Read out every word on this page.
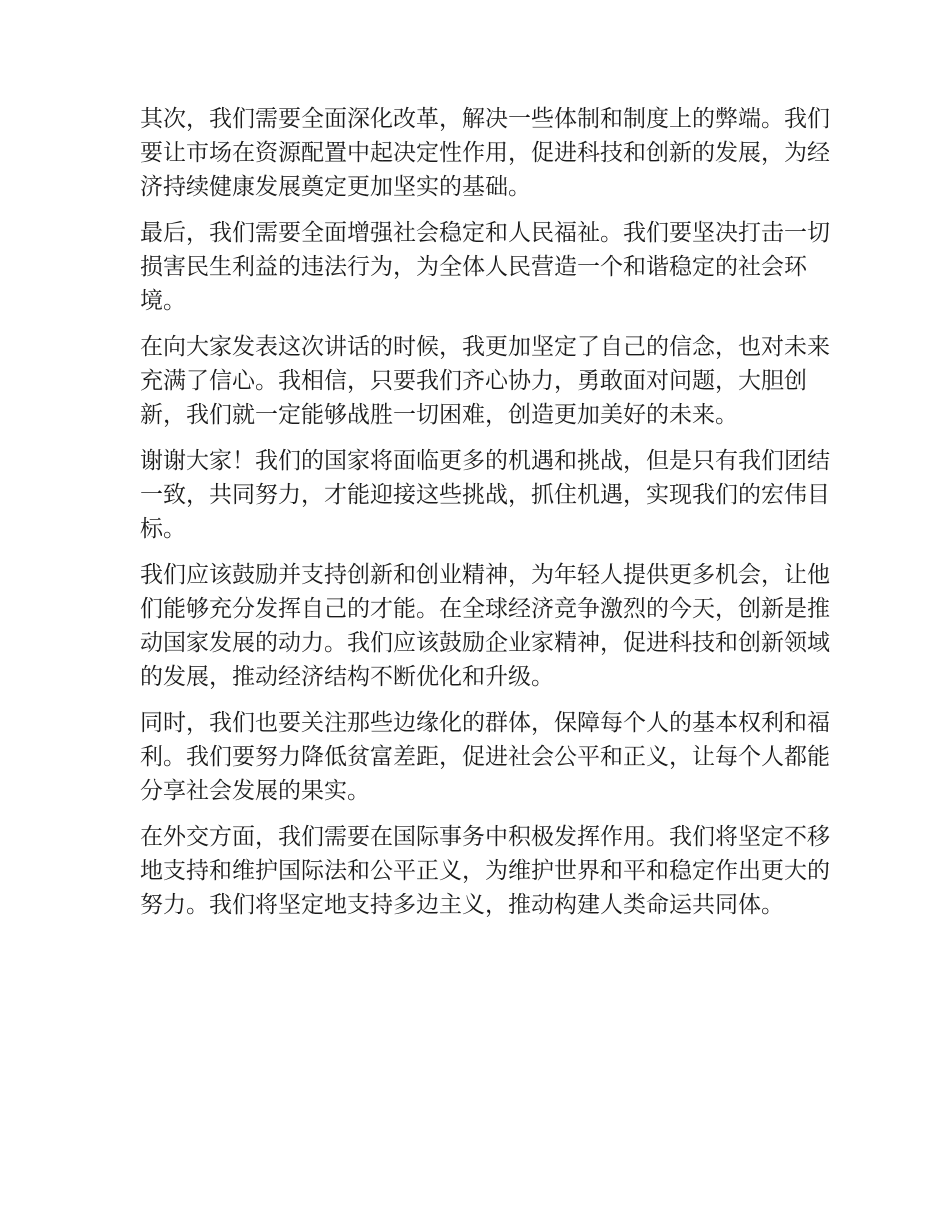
其次，我们需要全面深化改革，解决一些体制和制度上的弊端。我们要让市场在资源配置中起决定性作用，促进科技和创新的发展，为经济持续健康发展奠定更加坚实的基础。

最后，我们需要全面增强社会稳定和人民福祉。我们要坚决打击一切损害民生利益的违法行为，为全体人民营造一个和谐稳定的社会环境。

在向大家发表这次讲话的时候，我更加坚定了自己的信念，也对未来充满了信心。我相信，只要我们齐心协力，勇敢面对问题，大胆创新，我们就一定能够战胜一切困难，创造更加美好的未来。

谢谢大家！我们的国家将面临更多的机遇和挑战，但是只有我们团结一致，共同努力，才能迎接这些挑战，抓住机遇，实现我们的宏伟目标。

我们应该鼓励并支持创新和创业精神，为年轻人提供更多机会，让他们能够充分发挥自己的才能。在全球经济竞争激烈的今天，创新是推动国家发展的动力。我们应该鼓励企业家精神，促进科技和创新领域的发展，推动经济结构不断优化和升级。

同时，我们也要关注那些边缘化的群体，保障每个人的基本权利和福利。我们要努力降低贫富差距，促进社会公平和正义，让每个人都能分享社会发展的果实。

在外交方面，我们需要在国际事务中积极发挥作用。我们将坚定不移地支持和维护国际法和公平正义，为维护世界和平和稳定作出更大的努力。我们将坚定地支持多边主义，推动构建人类命运共同体。
